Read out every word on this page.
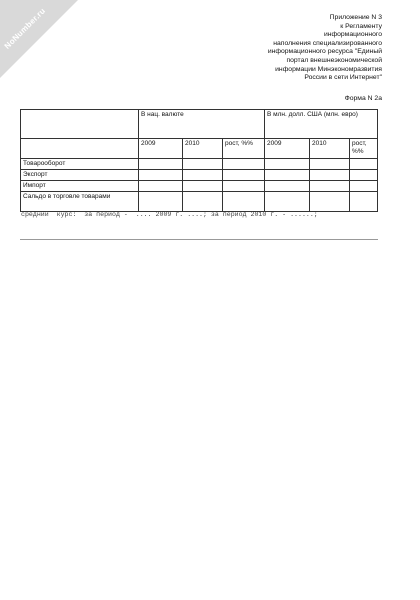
NoNumber.ru	Приложение N 3
к Регламенту
информационного
наполнения специализированного
информационного ресурса "Единый
портал внешнеэкономической
информации Минэкономразвития
России в сети Интернет"
Форма N 2а
	В нац. валюте			В млн. долл. США (млн. евро)		
	2009	2010	рост, %%	2009	2010	рост, %%
Товарооборот						
Экспорт						
Импорт						
Сальдо в торговле товарами						
средний  курс:  за период -  .... 2009 г. ....; за период 2010 г. - ......;
